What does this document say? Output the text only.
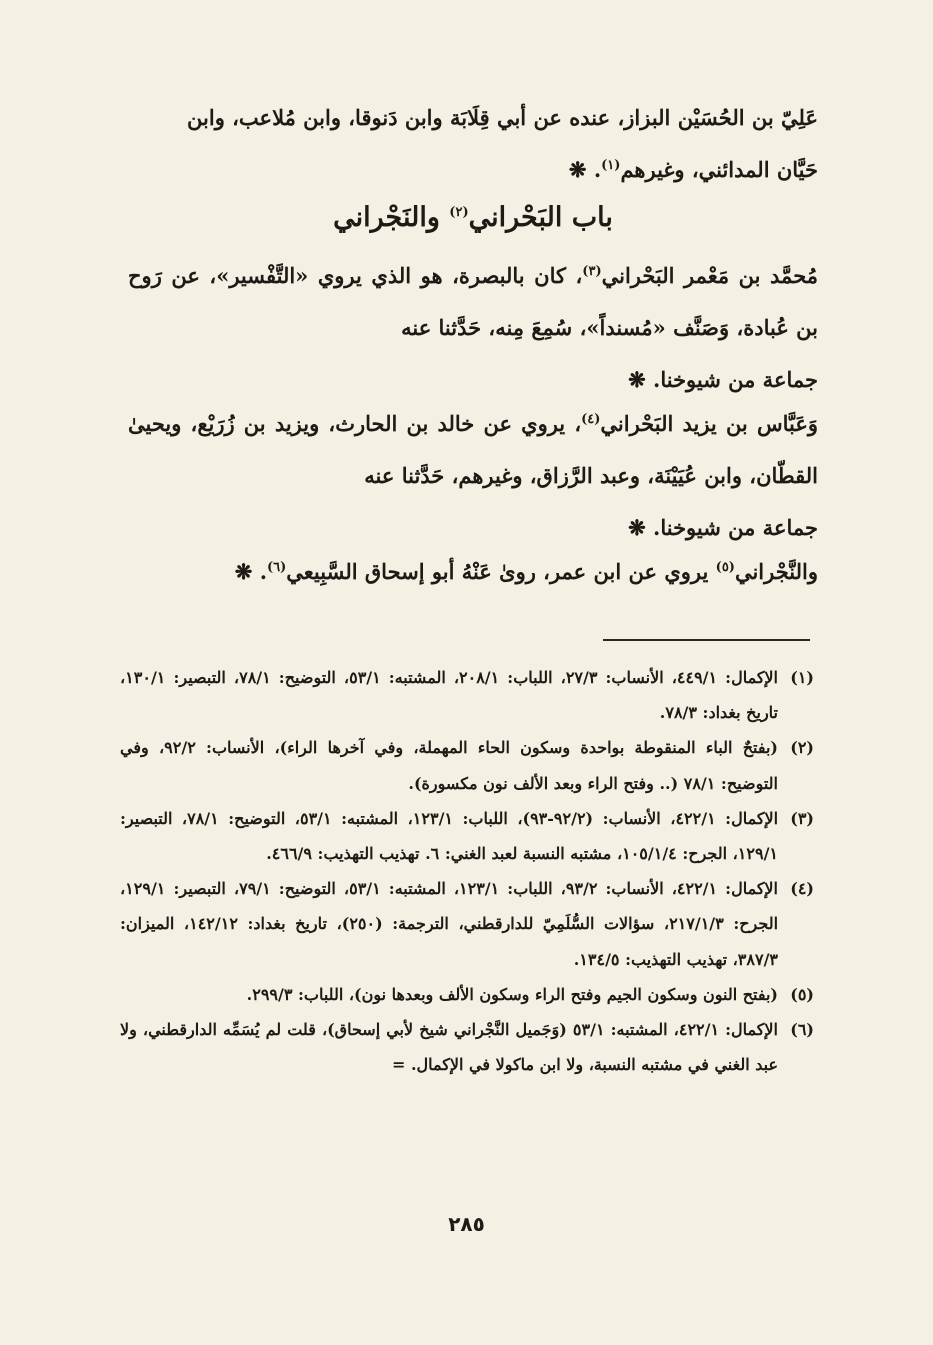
عَلِيّ بن الحُسَيْن البزاز، عنده عن أبي قِلَابَة وابن دَنوقا، وابن مُلاعب، وابن
حَيَّان المدائني، وغيرهم$^{(١)}$. ❋
باب البَحْراني$^{(٢)}$ والنَجْراني
مُحمَّد بن مَعْمر البَحْراني$^{(٣)}$، كان بالبصرة، هو الذي يروي «التَّفْسير»، عن رَوح بن عُبادة، وَصَنَّف «مُسنداً»، سُمِعَ مِنه، حَدَّثنا عنه
جماعة من شيوخنا. ❋
وَعَبَّاس بن يزيد البَحْراني$^{(٤)}$، يروي عن خالد بن الحارث، ويزيد بن زُرَيْع، ويحيىٰ القطّان، وابن عُيَيْنَة، وعبد الرَّزاق، وغيرهم، حَدَّثنا عنه
جماعة من شيوخنا. ❋
والنَّجْراني$^{(٥)}$ يروي عن ابن عمر، روىٰ عَنْهُ أبو إسحاق السَّبِيعي$^{(٦)}$. ❋
(١)
الإكمال: ٤٤٩/١، الأنساب: ٢٧/٣، اللباب: ٢٠٨/١، المشتبه: ٥٣/١، التوضيح: ٧٨/١، التبصير: ١٣٠/١، تاريخ بغداد: ٧٨/٣.
(٢)
(بفتحٌ الباء المنقوطة بواحدة وسكون الحاء المهملة، وفي آخرها الراء)، الأنساب: ٩٢/٢، وفي التوضيح: ٧٨/١ (.. وفتح الراء وبعد الألف نون مكسورة).
(٣)
الإكمال: ٤٢٢/١، الأنساب: (٩٢/٢-٩٣)، اللباب: ١٢٣/١، المشتبه: ٥٣/١، التوضيح: ٧٨/١، التبصير: ١٢٩/١، الجرح: ١٠٥/١/٤، مشتبه النسبة لعبد الغني: ٦. تهذيب التهذيب: ٤٦٦/٩.
(٤)
الإكمال: ٤٢٢/١، الأنساب: ٩٣/٢، اللباب: ١٢٣/١، المشتبه: ٥٣/١، التوضيح: ٧٩/١، التبصير: ١٢٩/١، الجرح: ٢١٧/١/٣، سؤالات السُّلَمِيّ للدارقطني، الترجمة: (٢٥٠)، تاريخ بغداد: ١٤٢/١٢، الميزان: ٣٨٧/٣، تهذيب التهذيب: ١٣٤/٥.
(٥)
(بفتح النون وسكون الجيم وفتح الراء وسكون الألف وبعدها نون)، اللباب: ٢٩٩/٣.
(٦)
الإكمال: ٤٢٢/١، المشتبه: ٥٣/١ (وَجَميل النَّجْراني شيخ لأبي إسحاق)، قلت لم يُسَمِّه الدارقطني، ولا عبد الغني في مشتبه النسبة، ولا ابن ماكولا في الإكمال. =
٢٨٥
